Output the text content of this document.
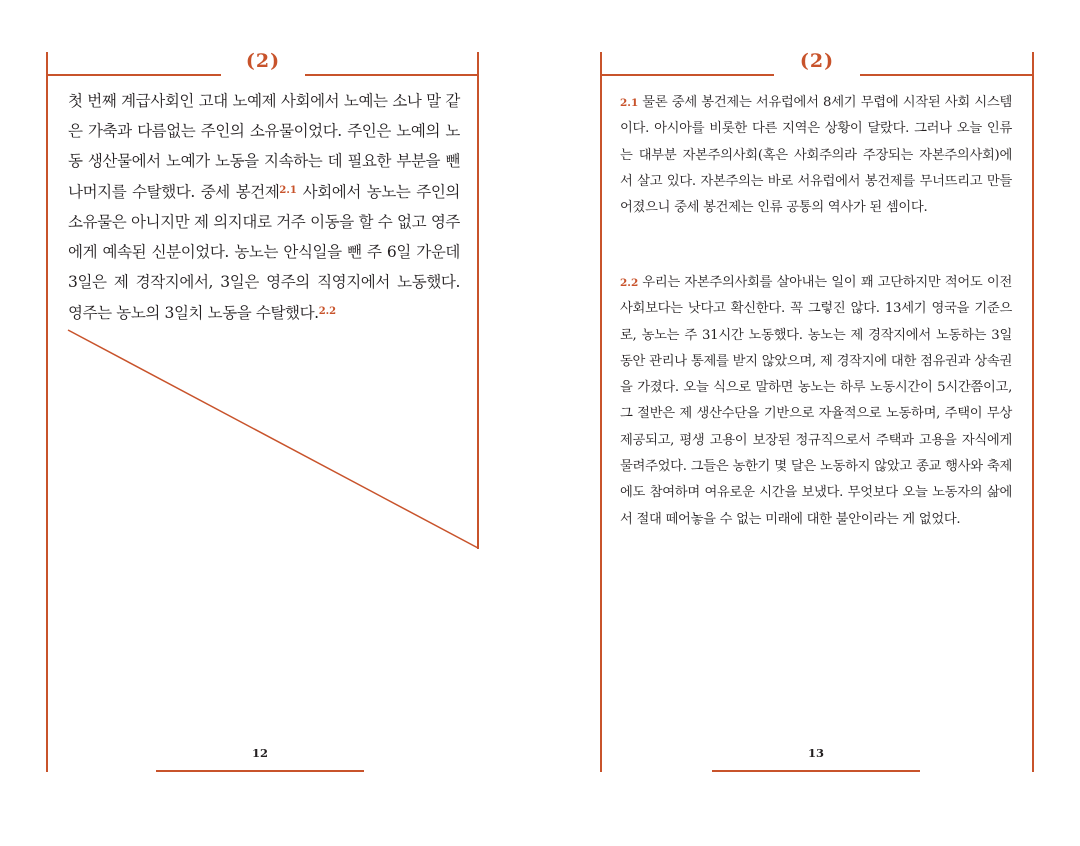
(2)

첫 번째 계급사회인 고대 노예제 사회에서 노예는 소나 말 같은 가축과 다름없는 주인의 소유물이었다. 주인은 노예의 노동 생산물에서 노예가 노동을 지속하는 데 필요한 부분을 뺀 나머지를 수탈했다. 중세 봉건제$^{2.1}$ 사회에서 농노는 주인의 소유물은 아니지만 제 의지대로 거주 이동을 할 수 없고 영주에게 예속된 신분이었다. 농노는 안식일을 뺀 주 6일 가운데 3일은 제 경작지에서, 3일은 영주의 직영지에서 노동했다. 영주는 농노의 3일치 노동을 수탈했다.$^{2.2}$

12
(2)

2.1 물론 중세 봉건제는 서유럽에서 8세기 무렵에 시작된 사회 시스템이다. 아시아를 비롯한 다른 지역은 상황이 달랐다. 그러나 오늘 인류는 대부분 자본주의사회(혹은 사회주의라 주장되는 자본주의사회)에서 살고 있다. 자본주의는 바로 서유럽에서 봉건제를 무너뜨리고 만들어졌으니 중세 봉건제는 인류 공통의 역사가 된 셈이다.

2.2 우리는 자본주의사회를 살아내는 일이 꽤 고단하지만 적어도 이전 사회보다는 낫다고 확신한다. 꼭 그렇진 않다. 13세기 영국을 기준으로, 농노는 주 31시간 노동했다. 농노는 제 경작지에서 노동하는 3일 동안 관리나 통제를 받지 않았으며, 제 경작지에 대한 점유권과 상속권을 가졌다. 오늘 식으로 말하면 농노는 하루 노동시간이 5시간쯤이고, 그 절반은 제 생산수단을 기반으로 자율적으로 노동하며, 주택이 무상 제공되고, 평생 고용이 보장된 정규직으로서 주택과 고용을 자식에게 물려주었다. 그들은 농한기 몇 달은 노동하지 않았고 종교 행사와 축제에도 참여하며 여유로운 시간을 보냈다. 무엇보다 오늘 노동자의 삶에서 절대 떼어놓을 수 없는 미래에 대한 불안이라는 게 없었다.

13
